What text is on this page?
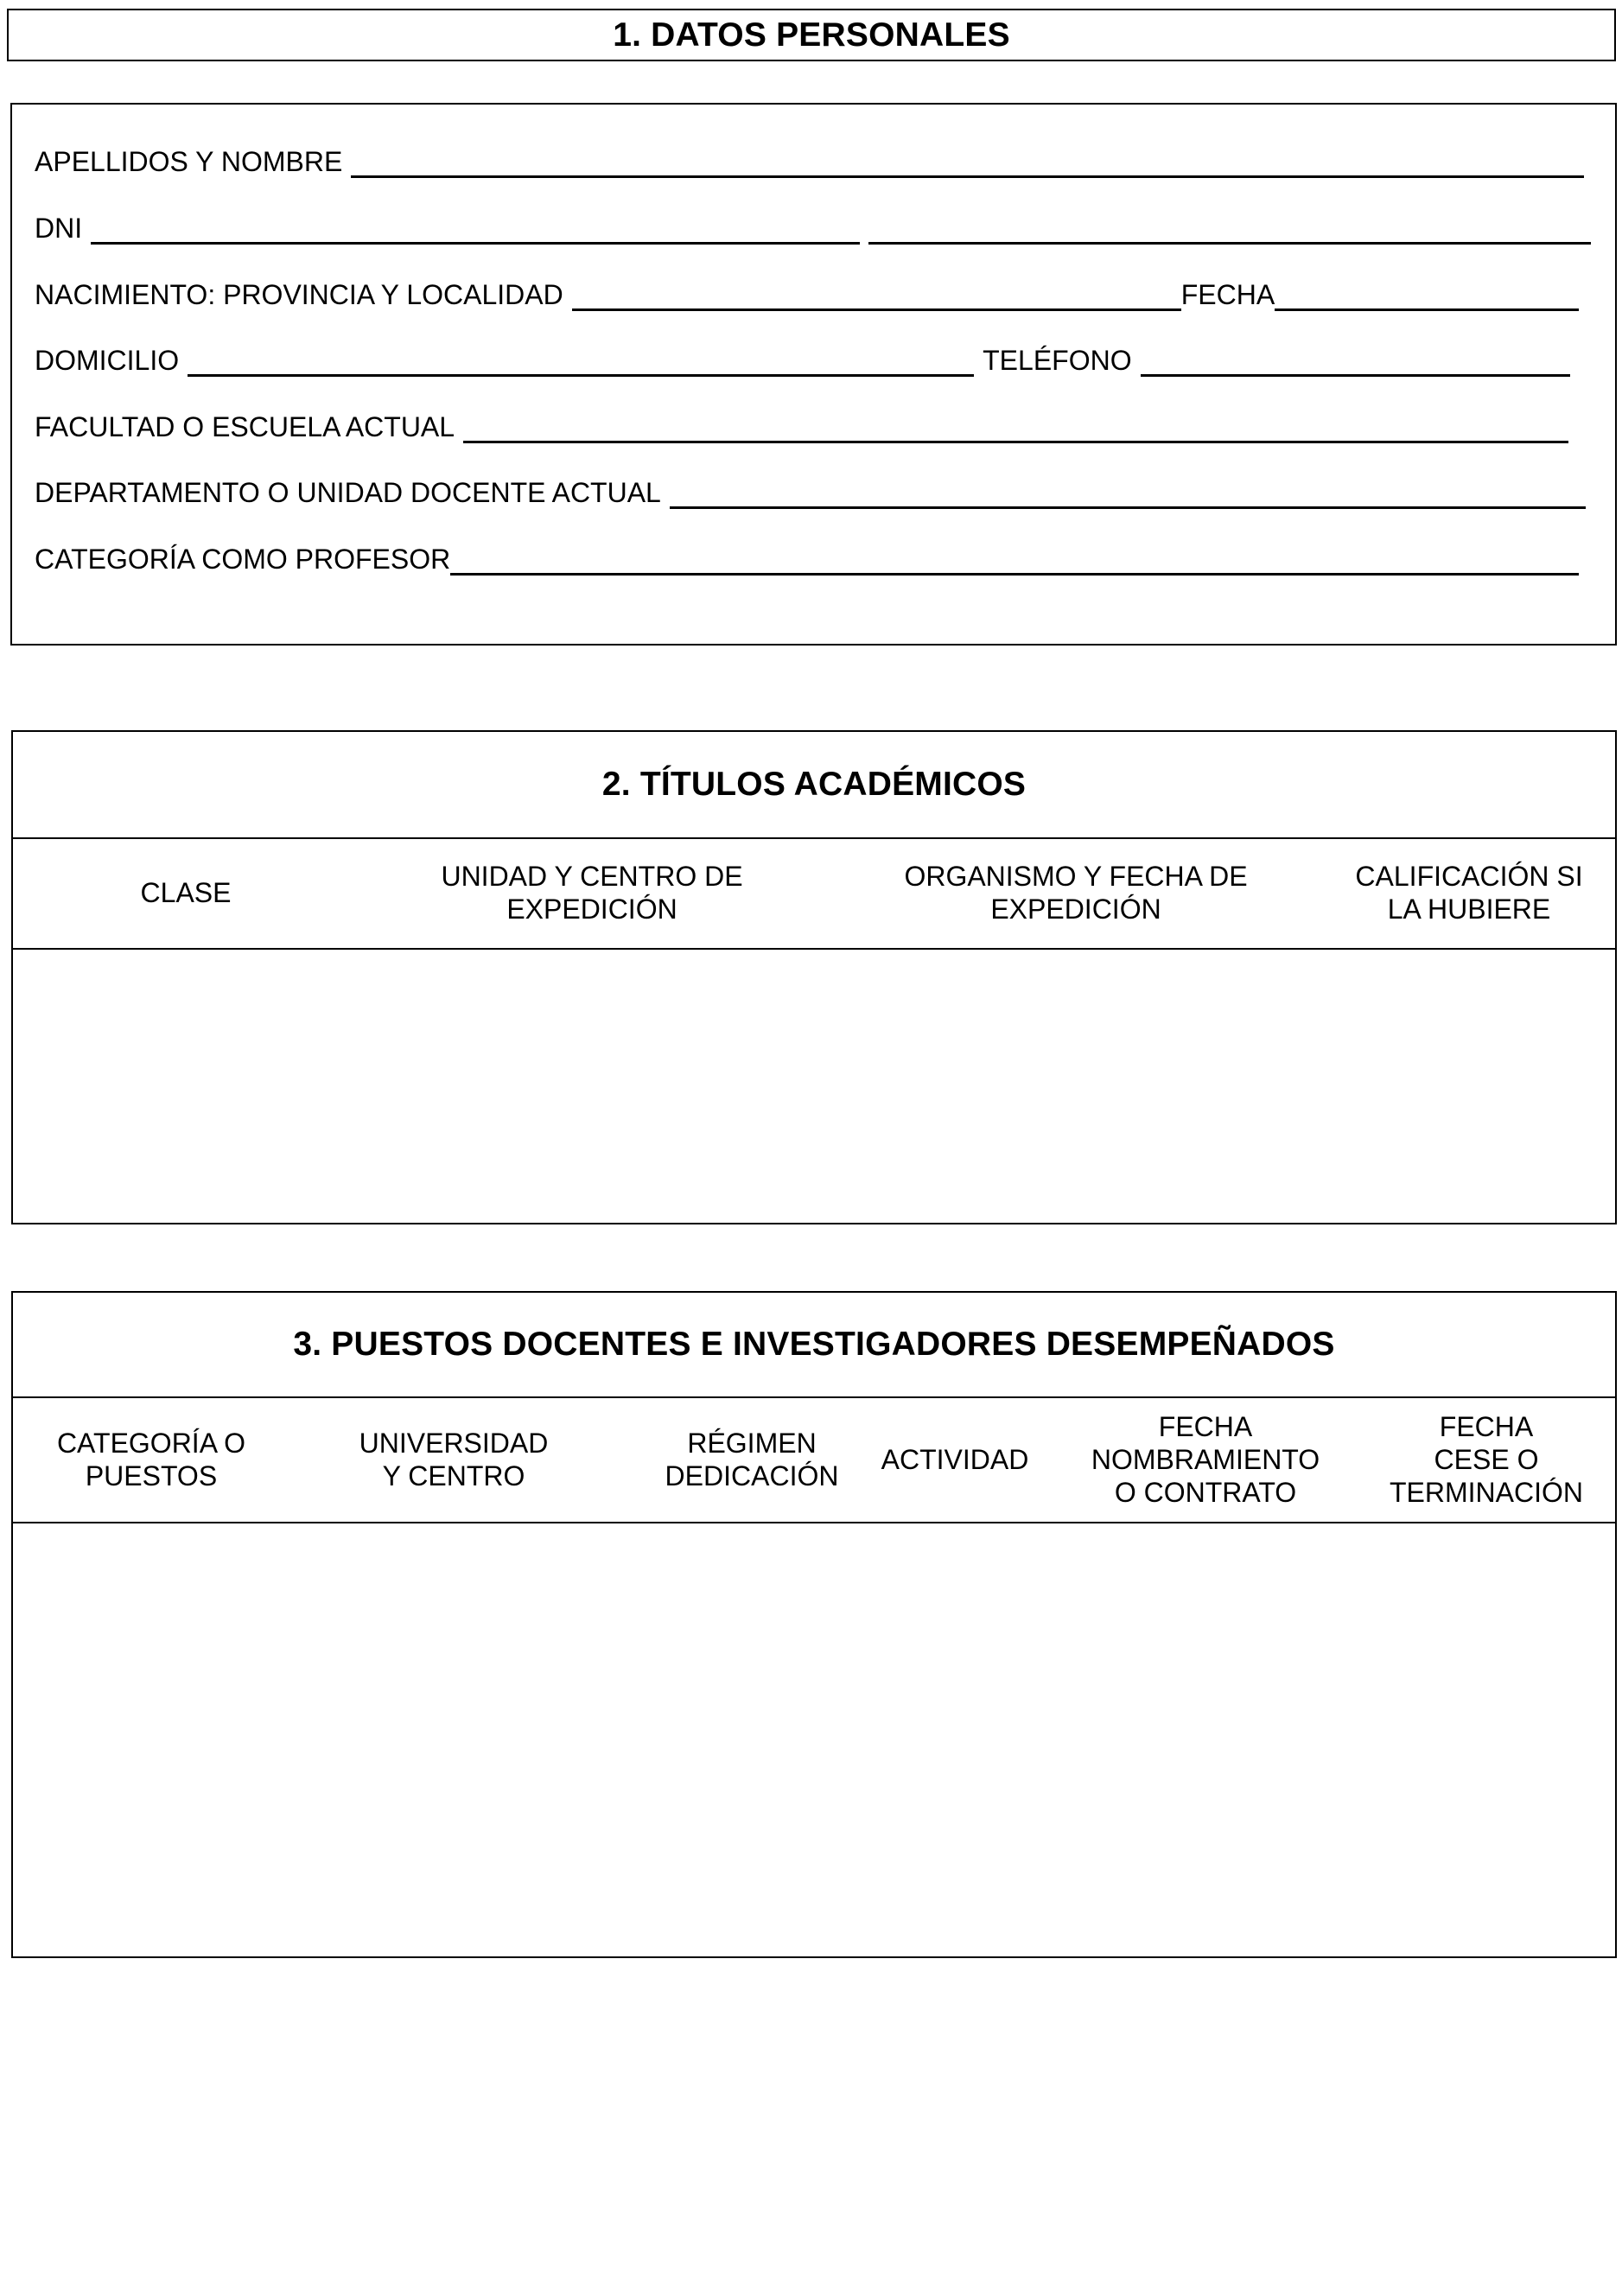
1. DATOS PERSONALES
APELLIDOS Y NOMBRE
DNI
NACIMIENTO: PROVINCIA Y LOCALIDAD	FECHA
DOMICILIO	TELÉFONO
FACULTAD O ESCUELA ACTUAL
DEPARTAMENTO O UNIDAD DOCENTE ACTUAL
CATEGORÍA COMO PROFESOR
2. TÍTULOS ACADÉMICOS
CLASE
UNIDAD Y CENTRO DE
EXPEDICIÓN
ORGANISMO Y FECHA DE
EXPEDICIÓN
CALIFICACIÓN SI
LA HUBIERE
3. PUESTOS DOCENTES E INVESTIGADORES DESEMPEÑADOS
CATEGORÍA O
PUESTOS
UNIVERSIDAD
Y CENTRO
RÉGIMEN
DEDICACIÓN
ACTIVIDAD
FECHA
NOMBRAMIENTO
O CONTRATO
FECHA
CESE O
TERMINACIÓN
